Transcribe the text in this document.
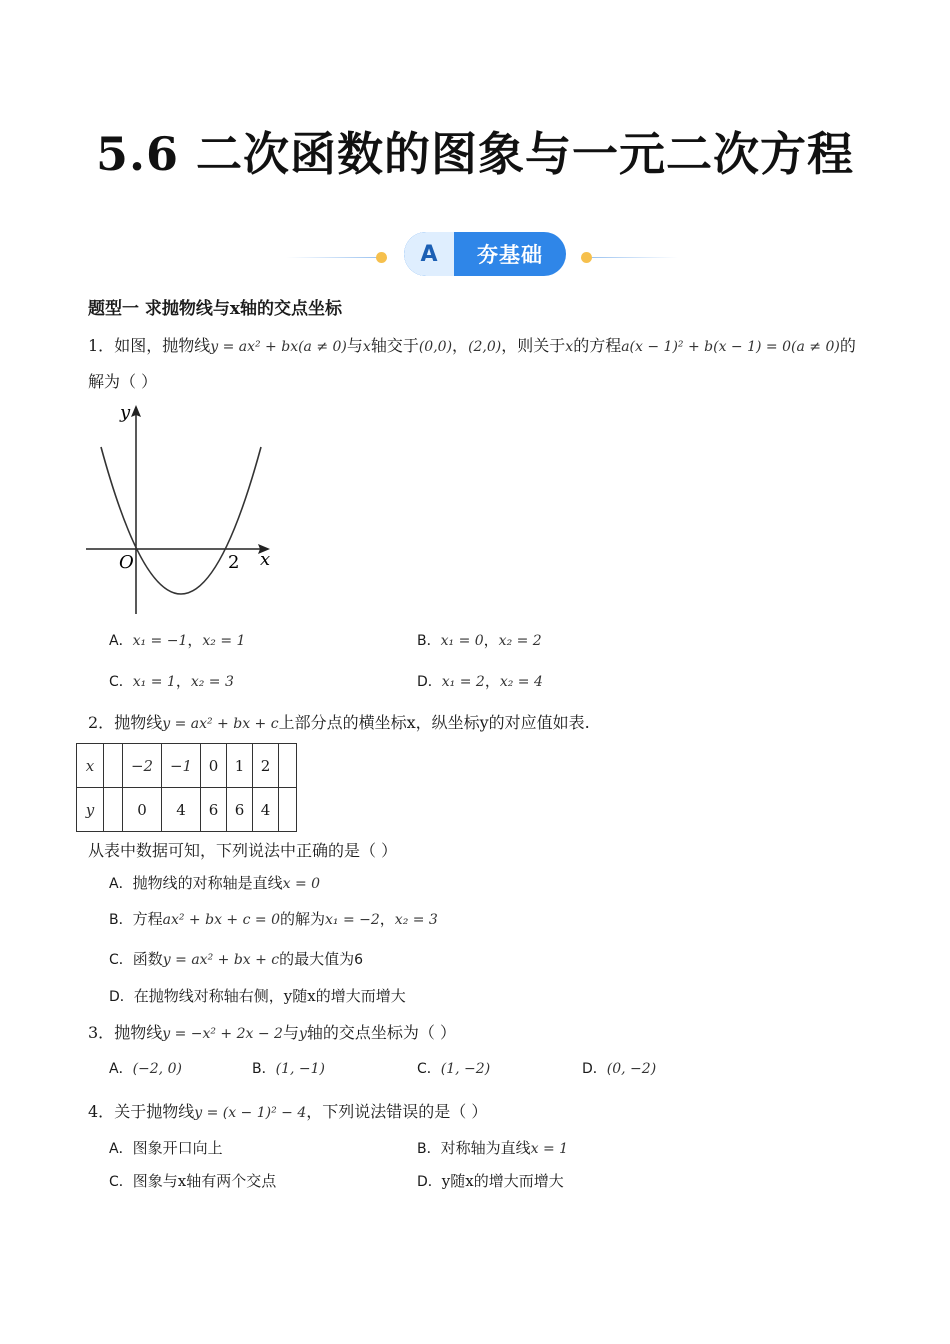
5.6 二次函数的图象与一元二次方程
A	夯基础
题型一 求抛物线与x轴的交点坐标
1．如图，抛物线y = ax² + bx(a ≠ 0)与x轴交于(0,0)，(2,0)，则关于x的方程a(x − 1)² + b(x − 1) = 0(a ≠ 0)的
解为（ ）
y
x
O	2
A．x₁ = −1，x₂ = 1	B．x₁ = 0，x₂ = 2
C．x₁ = 1，x₂ = 3	D．x₁ = 2，x₂ = 4
2．抛物线y = ax² + bx + c上部分点的横坐标x，纵坐标y的对应值如表.
x		−2	−1	0	1	2	
y		0	4	6	6	4	
从表中数据可知，下列说法中正确的是（ ）
A．抛物线的对称轴是直线x = 0
B．方程ax² + bx + c = 0的解为x₁ = −2，x₂ = 3
C．函数y = ax² + bx + c的最大值为6
D．在抛物线对称轴右侧，y随x的增大而增大
3．抛物线y = −x² + 2x − 2与y轴的交点坐标为（ ）
A．(−2, 0)	B．(1, −1)	C．(1, −2)	D．(0, −2)
4．关于抛物线y = (x − 1)² − 4，下列说法错误的是（ ）
A．图象开口向上	B．对称轴为直线x = 1
C．图象与x轴有两个交点	D．y随x的增大而增大
